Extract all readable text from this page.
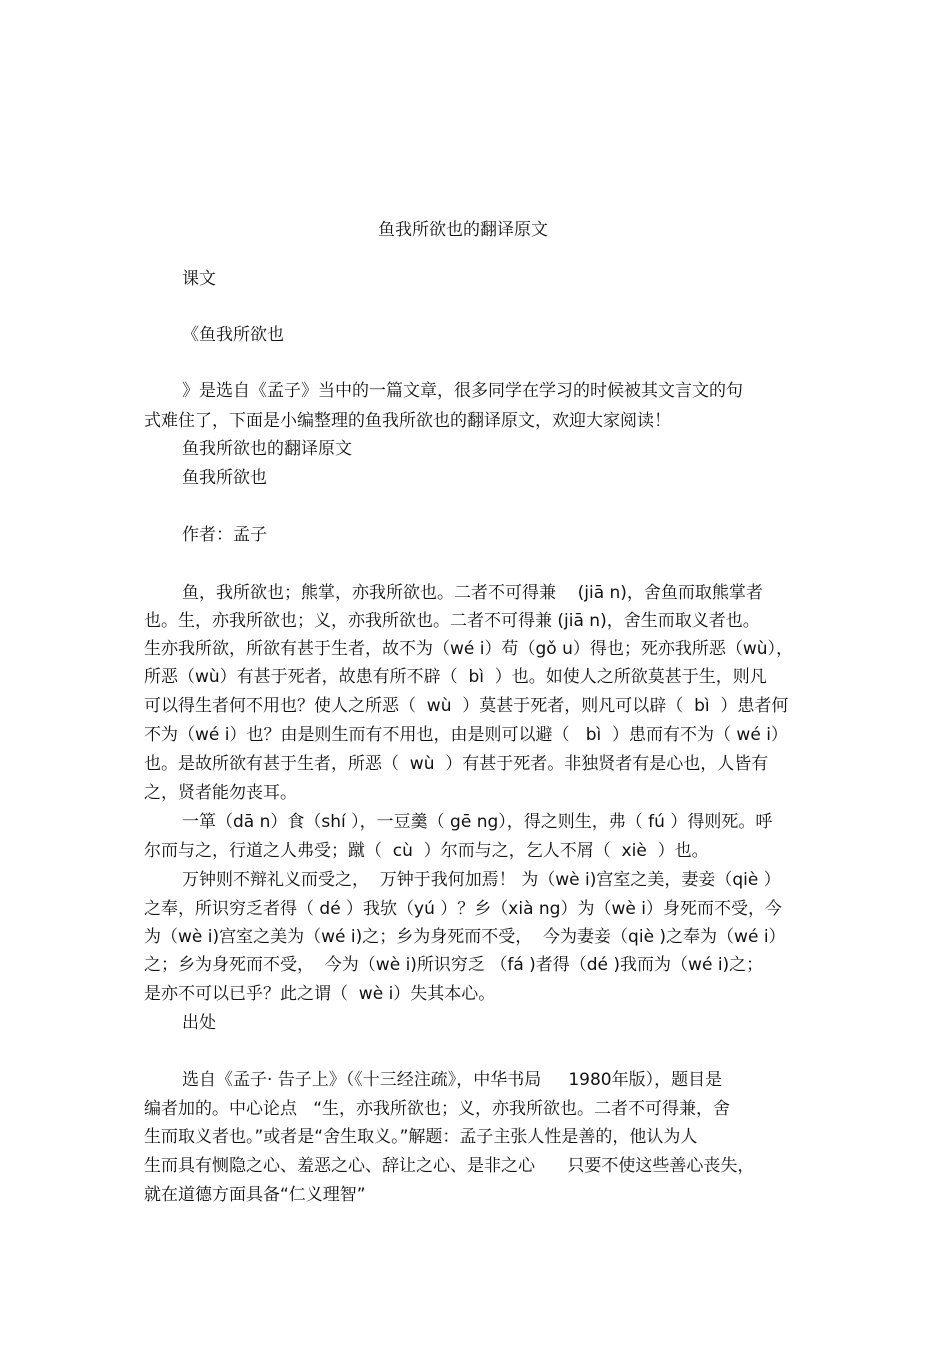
鱼我所欲也的翻译原文

课文

《鱼我所欲也

》是选自《孟子》当中的一篇文章，很多同学在学习的时候被其文言文的句

式难住了，下面是小编整理的鱼我所欲也的翻译原文，欢迎大家阅读！

鱼我所欲也的翻译原文

鱼我所欲也

作者：孟子

鱼，我所欲也；熊掌，亦我所欲也。二者不可得兼    (jiā n)，舍鱼而取熊掌者

也。生，亦我所欲也；义，亦我所欲也。二者不可得兼 (jiā n)，舍生而取义者也。

生亦我所欲，所欲有甚于生者，故不为（wé i）苟（gǒ u）得也；死亦我所恶（wù），

所恶（wù）有甚于死者，故患有所不辟（  bì  ）也。如使人之所欲莫甚于生，则凡

可以得生者何不用也？使人之所恶（  wù  ）莫甚于死者，则凡可以辟（  bì  ）患者何

不为（wé i）也？由是则生而有不用也，由是则可以避（   bì  ）患而有不为（ wé i）

也。是故所欲有甚于生者，所恶（  wù  ）有甚于死者。非独贤者有是心也，人皆有

之，贤者能勿丧耳。

一箪（dā n）食（shí ），一豆羹（ gē ng），得之则生，弗（ fú ）得则死。呼

尔而与之，行道之人弗受；蹴（  cù  ）尔而与之，乞人不屑（  xiè  ）也。

万钟则不辩礼义而受之，  万钟于我何加焉！ 为（wè i)宫室之美，妻妾（qiè ）

之奉，所识穷乏者得（ dé ）我欤（yú ）？乡（xià ng）为（wè i）身死而不受，今

为（wè i)宫室之美为（wé i)之；乡为身死而不受，  今为妻妾（qiè )之奉为（wé i）

之；乡为身死而不受，  今为（wè i)所识穷乏 （fá )者得（dé )我而为（wé i)之；

是亦不可以已乎？此之谓（  wè i）失其本心。

出处

选自《孟子· 告子上》（《十三经注疏》，中华书局     1980年版），题目是

编者加的。中心论点   “生，亦我所欲也；义，亦我所欲也。二者不可得兼，舍

生而取义者也。”或者是“舍生取义。”解题：孟子主张人性是善的，他认为人

生而具有恻隐之心、羞恶之心、辞让之心、是非之心      只要不使这些善心丧失，

就在道德方面具备“仁义理智”
